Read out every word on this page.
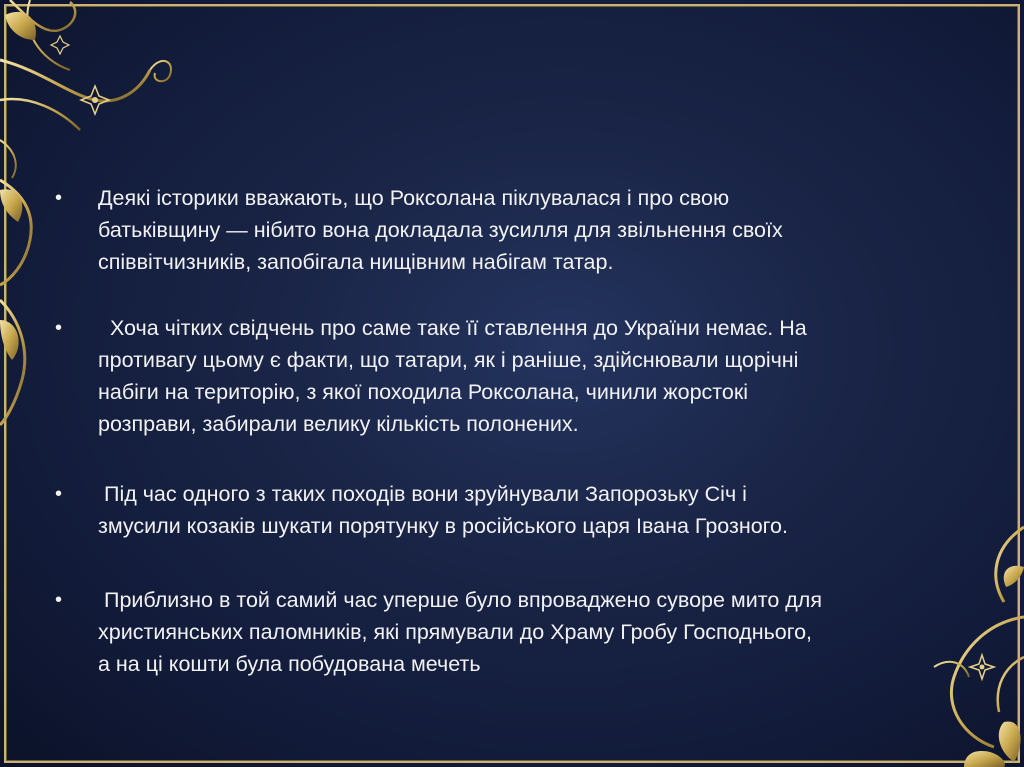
•	Деякі історики вважають, що Роксолана піклувалася і про свою
батьківщину — нібито вона докладала зусилля для звільнення своїх
співвітчизників, запобігала нищівним набігам татар.
•	Хоча чітких свідчень про саме таке її ставлення до України немає. На
противагу цьому є факти, що татари, як і раніше, здійснювали щорічні
набіги на територію, з якої походила Роксолана, чинили жорстокі
розправи, забирали велику кількість полонених.
•	Під час одного з таких походів вони зруйнували Запорозьку Січ і
змусили козаків шукати порятунку в російського царя Івана Грозного.
•	Приблизно в той самий час уперше було впроваджено суворе мито для
християнських паломників, які прямували до Храму Гробу Господнього,
а на ці кошти була побудована мечеть
